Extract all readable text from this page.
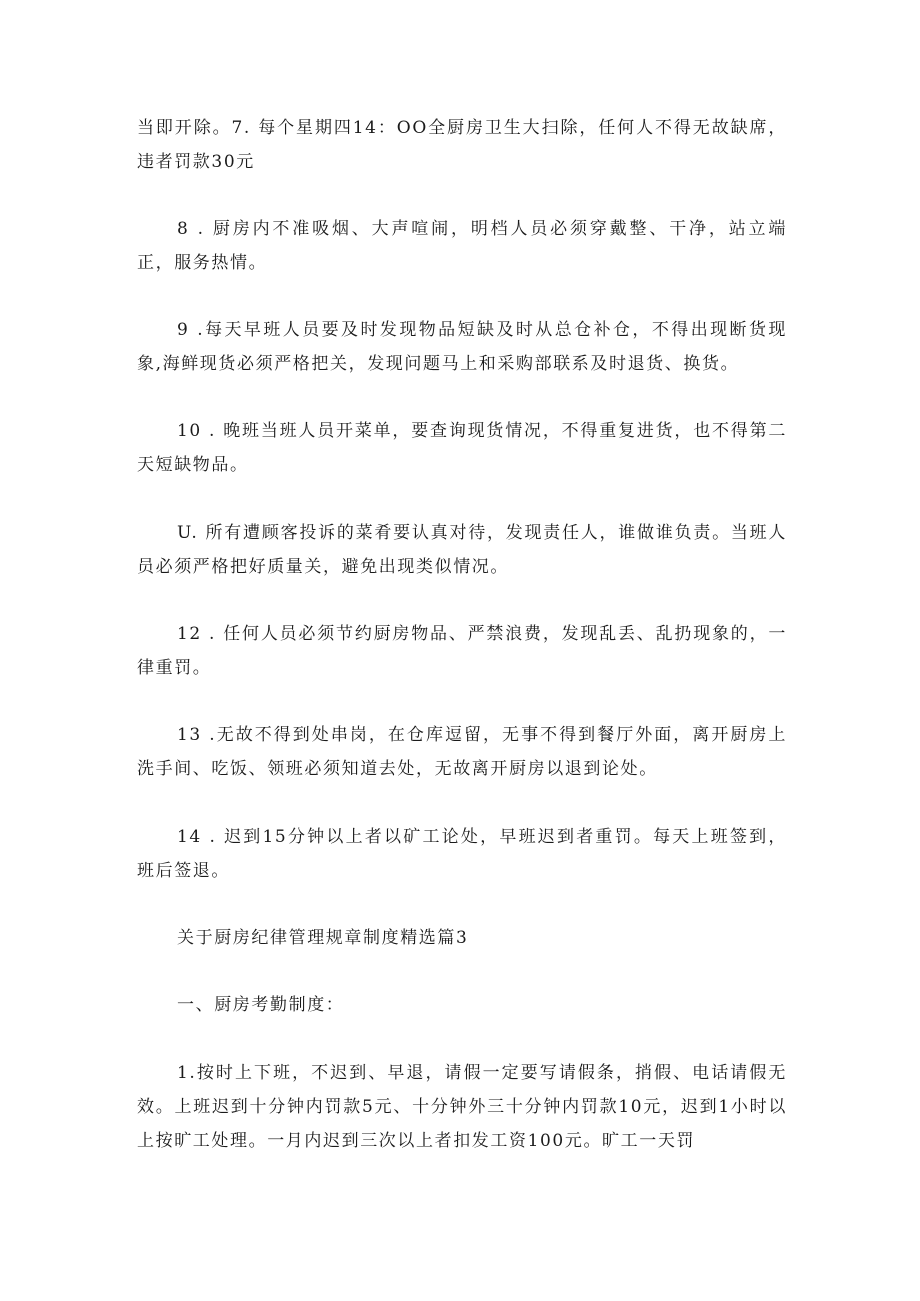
当即开除。7. 每个星期四14：OO全厨房卫生大扫除，任何人不得无故缺席，违者罚款30元

8 . 厨房内不准吸烟、大声喧闹，明档人员必须穿戴整、干净，站立端正，服务热情。

9 .每天早班人员要及时发现物品短缺及时从总仓补仓，不得出现断货现象,海鲜现货必须严格把关，发现问题马上和采购部联系及时退货、换货。

10 . 晚班当班人员开菜单，要查询现货情况，不得重复进货，也不得第二天短缺物品。

U. 所有遭顾客投诉的菜肴要认真对待，发现责任人，谁做谁负责。当班人员必须严格把好质量关，避免出现类似情况。

12 . 任何人员必须节约厨房物品、严禁浪费，发现乱丢、乱扔现象的，一律重罚。

13 .无故不得到处串岗，在仓库逗留，无事不得到餐厅外面，离开厨房上洗手间、吃饭、领班必须知道去处，无故离开厨房以退到论处。

14 . 迟到15分钟以上者以矿工论处，早班迟到者重罚。每天上班签到，班后签退。

关于厨房纪律管理规章制度精选篇3

一、厨房考勤制度：

1.按时上下班，不迟到、早退，请假一定要写请假条，捎假、电话请假无效。上班迟到十分钟内罚款5元、十分钟外三十分钟内罚款10元，迟到1小时以上按旷工处理。一月内迟到三次以上者扣发工资100元。旷工一天罚
